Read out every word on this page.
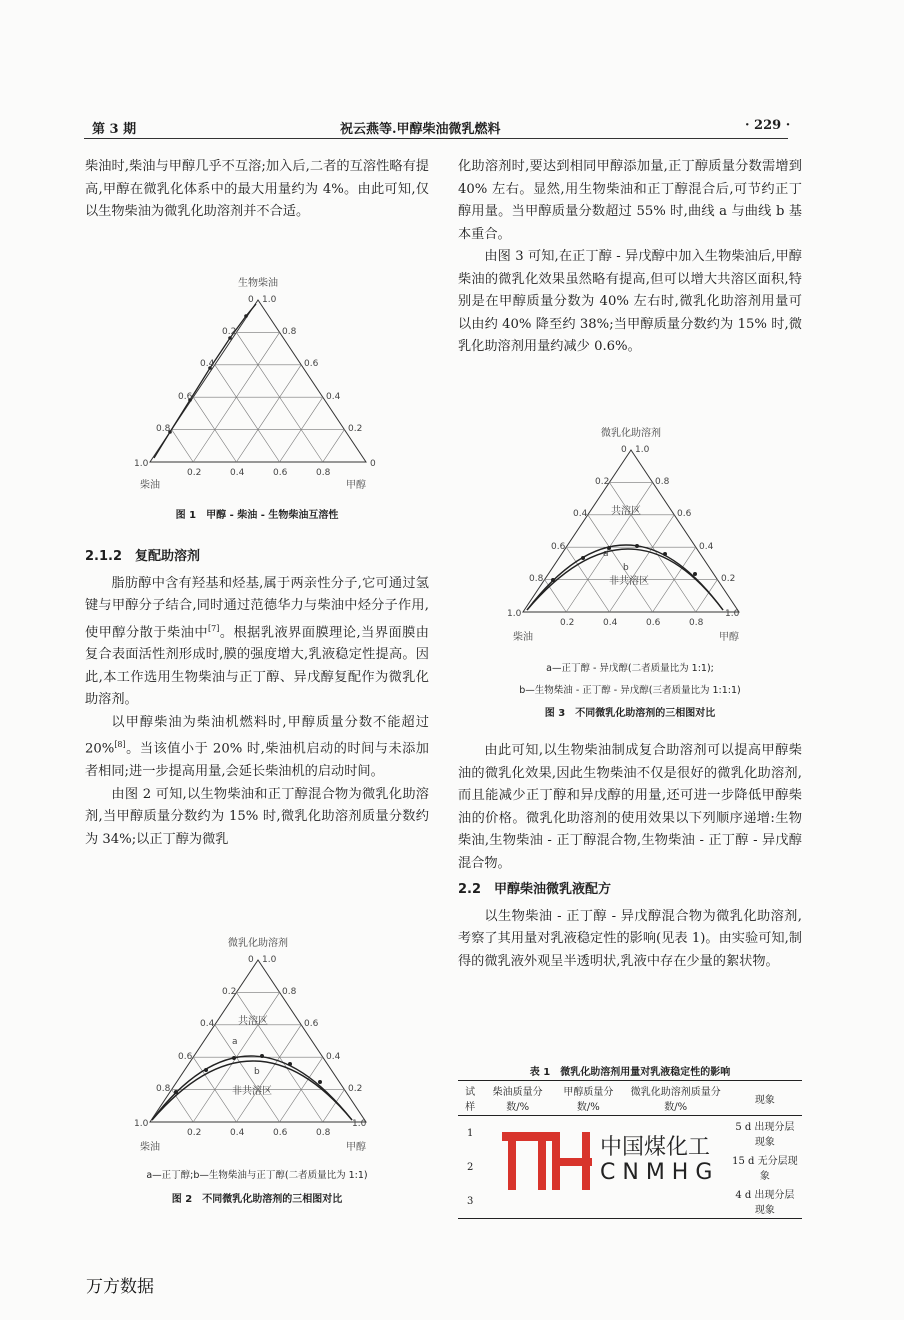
第 3 期	祝云燕等.甲醇柴油微乳燃料	· 229 ·

柴油时,柴油与甲醇几乎不互溶;加入后,二者的互溶性略有提高,甲醇在微乳化体系中的最大用量约为 4%。由此可知,仅以生物柴油为微乳化助溶剂并不合适。

生物柴油
0 1.0
0.2	0.8
0.4	0.6
0.6	0.4
0.8	0.2
1.0	0
0.2	0.4	0.6	0.8
柴油	甲醇
图 1　甲醇 - 柴油 - 生物柴油互溶性
2.1.2　复配助溶剂

脂肪醇中含有羟基和烃基,属于两亲性分子,它可通过氢键与甲醇分子结合,同时通过范德华力与柴油中烃分子作用,使甲醇分散于柴油中[7]。根据乳液界面膜理论,当界面膜由复合表面活性剂形成时,膜的强度增大,乳液稳定性提高。因此,本工作选用生物柴油与正丁醇、异戊醇复配作为微乳化助溶剂。

以甲醇柴油为柴油机燃料时,甲醇质量分数不能超过 20%[8]。当该值小于 20% 时,柴油机启动的时间与未添加者相同;进一步提高用量,会延长柴油机的启动时间。

由图 2 可知,以生物柴油和正丁醇混合物为微乳化助溶剂,当甲醇质量分数约为 15% 时,微乳化助溶剂质量分数约为 34%;以正丁醇为微乳

微乳化助溶剂
共溶区
非共溶区
a
b
0 1.0
0.2	0.8
0.4	0.6
0.6	0.4
0.8	0.2
1.0	1.0
0.2	0.4	0.6	0.8
柴油	甲醇
a—正丁醇;b—生物柴油与正丁醇(二者质量比为 1:1)
图 2　不同微乳化助溶剂的三相图对比

化助溶剂时,要达到相同甲醇添加量,正丁醇质量分数需增到 40% 左右。显然,用生物柴油和正丁醇混合后,可节约正丁醇用量。当甲醇质量分数超过 55% 时,曲线 a 与曲线 b 基本重合。

由图 3 可知,在正丁醇 - 异戊醇中加入生物柴油后,甲醇柴油的微乳化效果虽然略有提高,但可以增大共溶区面积,特别是在甲醇质量分数为 40% 左右时,微乳化助溶剂用量可以由约 40% 降至约 38%;当甲醇质量分数约为 15% 时,微乳化助溶剂用量约减少 0.6%。

微乳化助溶剂
共溶区
非共溶区
a
b
0 1.0
0.2	0.8
0.4	0.6
0.6	0.4
0.8	0.2
1.0	1.0
0.2	0.4	0.6	0.8
柴油	甲醇
a—正丁醇 - 异戊醇(二者质量比为 1:1);
b—生物柴油 - 正丁醇 - 异戊醇(三者质量比为 1:1:1)
图 3　不同微乳化助溶剂的三相图对比

由此可知,以生物柴油制成复合助溶剂可以提高甲醇柴油的微乳化效果,因此生物柴油不仅是很好的微乳化助溶剂,而且能减少正丁醇和异戊醇的用量,还可进一步降低甲醇柴油的价格。微乳化助溶剂的使用效果以下列顺序递增:生物柴油,生物柴油 - 正丁醇混合物,生物柴油 - 正丁醇 - 异戊醇混合物。

2.2　甲醇柴油微乳液配方

以生物柴油 - 正丁醇 - 异戊醇混合物为微乳化助溶剂,考察了其用量对乳液稳定性的影响(见表 1)。由实验可知,制得的微乳液外观呈半透明状,乳液中存在少量的絮状物。

表 1　微乳化助溶剂用量对乳液稳定性的影响
试样	柴油质量分数/%	甲醇质量分数/%	微乳化助溶剂质量分数/%	现象
1				5 d 出现分层现象
2				15 d 无分层现象
3				4 d 出现分层现象
中国煤化工
CNMHG
万方数据
